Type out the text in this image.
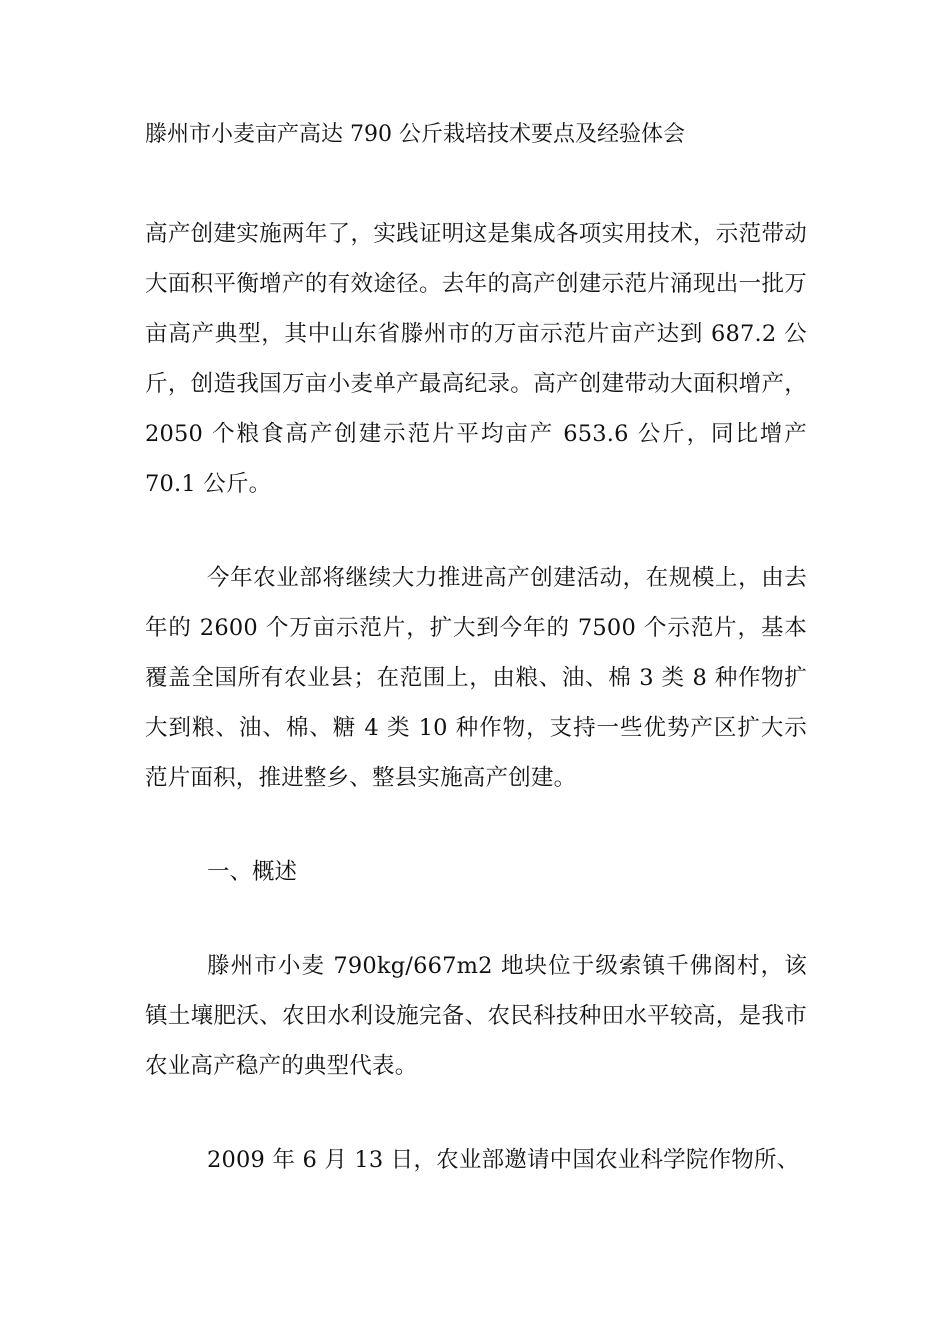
滕州市小麦亩产高达 790 公斤栽培技术要点及经验体会

高产创建实施两年了，实践证明这是集成各项实用技术，示范带动大面积平衡增产的有效途径。去年的高产创建示范片涌现出一批万亩高产典型，其中山东省滕州市的万亩示范片亩产达到 687.2 公斤，创造我国万亩小麦单产最高纪录。高产创建带动大面积增产， 2050 个粮食高产创建示范片平均亩产 653.6 公斤，同比增产 70.1 公斤。

今年农业部将继续大力推进高产创建活动，在规模上，由去年的 2600 个万亩示范片，扩大到今年的 7500 个示范片，基本覆盖全国所有农业县；在范围上，由粮、油、棉 3 类 8 种作物扩大到粮、油、棉、糖 4 类 10 种作物，支持一些优势产区扩大示范片面积，推进整乡、整县实施高产创建。

一、概述

滕州市小麦 790kg/667m2 地块位于级索镇千佛阁村，该镇土壤肥沃、农田水利设施完备、农民科技种田水平较高，是我市农业高产稳产的典型代表。

2009 年 6 月 13 日，农业部邀请中国农业科学院作物所、
